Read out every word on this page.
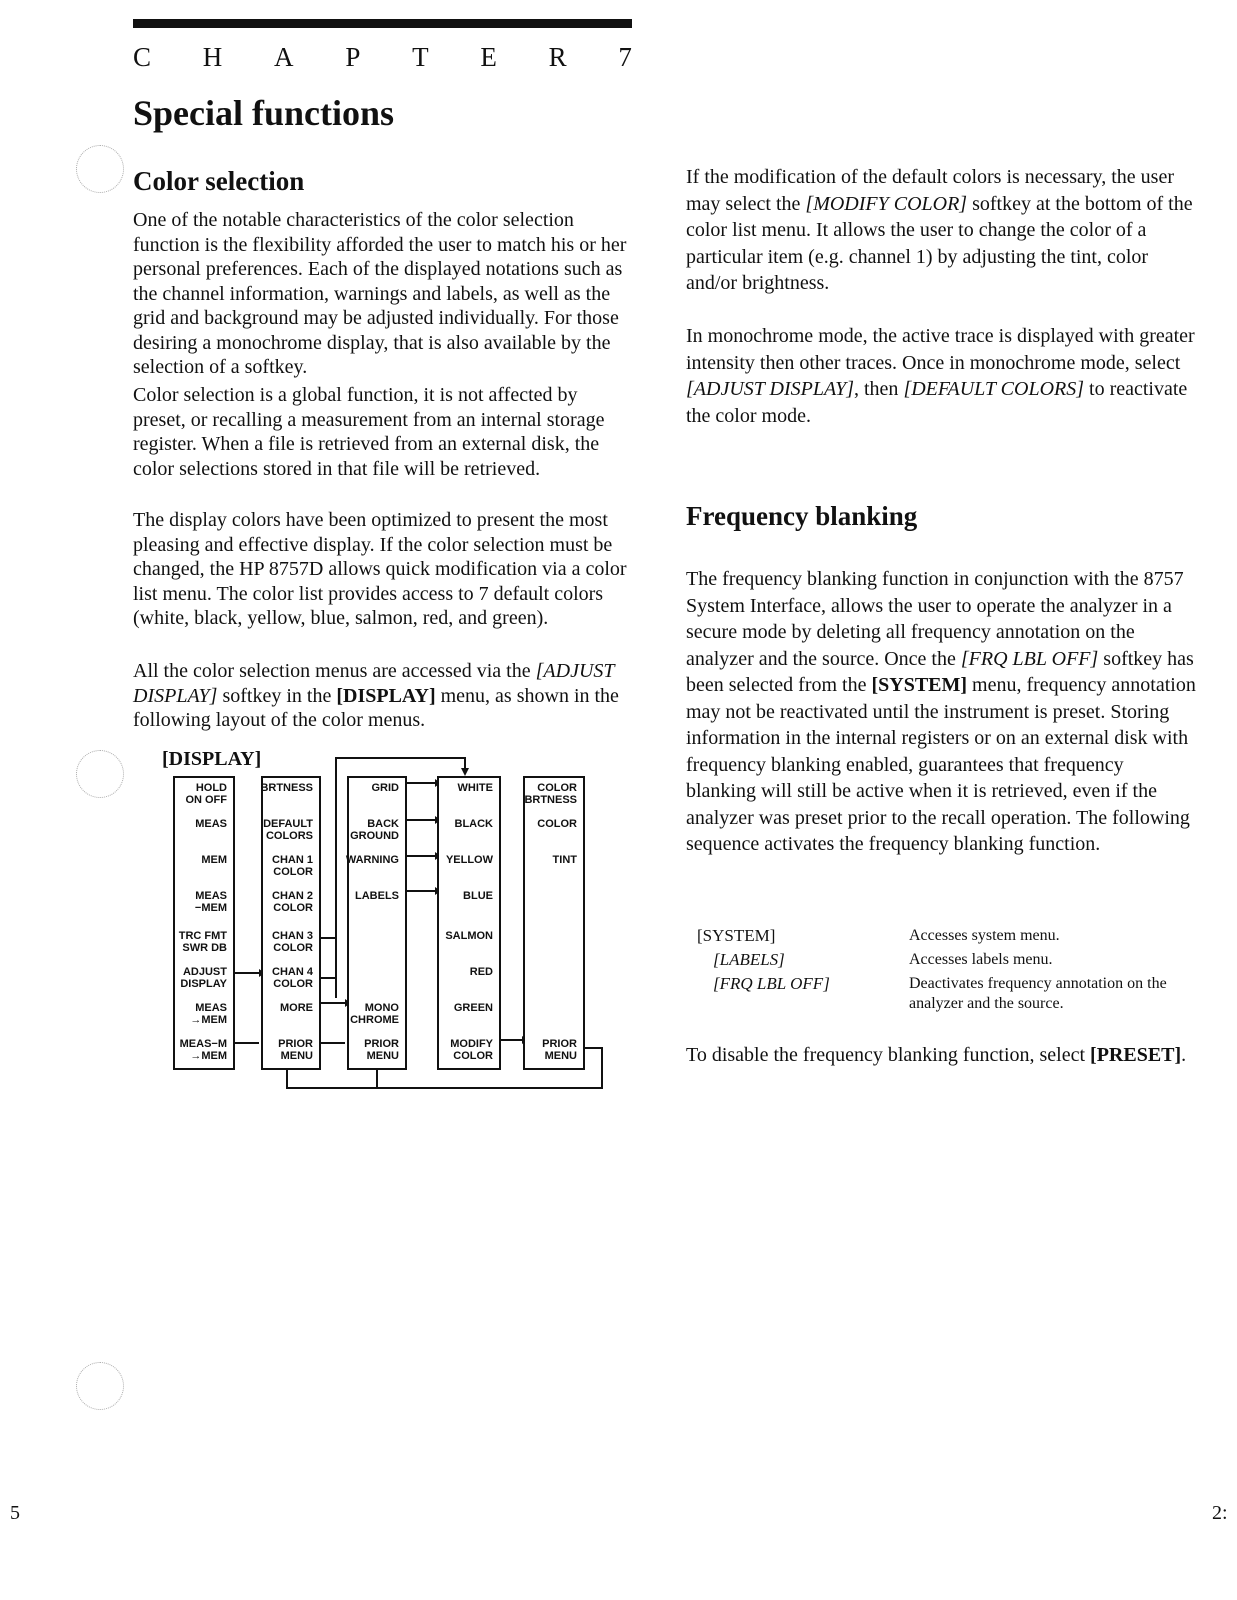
C H A P T E R 7
Special functions
Color selection

One of the notable characteristics of the color selection function is the flexibility afforded the user to match his or her personal preferences. Each of the displayed notations such as the channel information, warnings and labels, as well as the grid and background may be adjusted individually. For those desiring a monochrome display, that is also available by the selection of a softkey.

Color selection is a global function, it is not affected by preset, or recalling a measurement from an internal storage register. When a file is retrieved from an external disk, the color selections stored in that file will be retrieved.

The display colors have been optimized to present the most pleasing and effective display. If the color selection must be changed, the HP 8757D allows quick modification via a color list menu. The color list provides access to 7 default colors (white, black, yellow, blue, salmon, red, and green).

All the color selection menus are accessed via the [ADJUST DISPLAY] softkey in the [DISPLAY] menu, as shown in the following layout of the color menus.

[DISPLAY]
HOLD
ON OFF
MEAS
MEM
MEAS
−MEM
TRC FMT
SWR DB
ADJUST
DISPLAY
MEAS
→MEM
MEAS−M
→MEM
BRTNESS
DEFAULT
COLORS
CHAN 1
COLOR
CHAN 2
COLOR
CHAN 3
COLOR
CHAN 4
COLOR
MORE
PRIOR
MENU
GRID
BACK
GROUND
WARNING
LABELS
MONO
CHROME
PRIOR
MENU
WHITE
BLACK
YELLOW
BLUE
SALMON
RED
GREEN
MODIFY
COLOR
COLOR
BRTNESS
COLOR
TINT
PRIOR
MENU

If the modification of the default colors is necessary, the user may select the [MODIFY COLOR] softkey at the bottom of the color list menu. It allows the user to change the color of a particular item (e.g. channel 1) by adjusting the tint, color and/or brightness.

In monochrome mode, the active trace is displayed with greater intensity then other traces. Once in monochrome mode, select [ADJUST DISPLAY], then [DEFAULT COLORS] to reactivate the color mode.

Frequency blanking

The frequency blanking function in conjunction with the 8757 System Interface, allows the user to operate the analyzer in a secure mode by deleting all frequency annotation on the analyzer and the source. Once the [FRQ LBL OFF] softkey has been selected from the [SYSTEM] menu, frequency annotation may not be reactivated until the instrument is preset. Storing information in the internal registers or on an external disk with frequency blanking enabled, guarantees that frequency blanking will still be active when it is retrieved, even if the analyzer was preset prior to the recall operation. The following sequence activates the frequency blanking function.

[SYSTEM]	Accesses system menu.
[LABELS]	Accesses labels menu.
[FRQ LBL OFF]	Deactivates frequency annotation on the analyzer and the source.

To disable the frequency blanking function, select [PRESET].

5	2:
